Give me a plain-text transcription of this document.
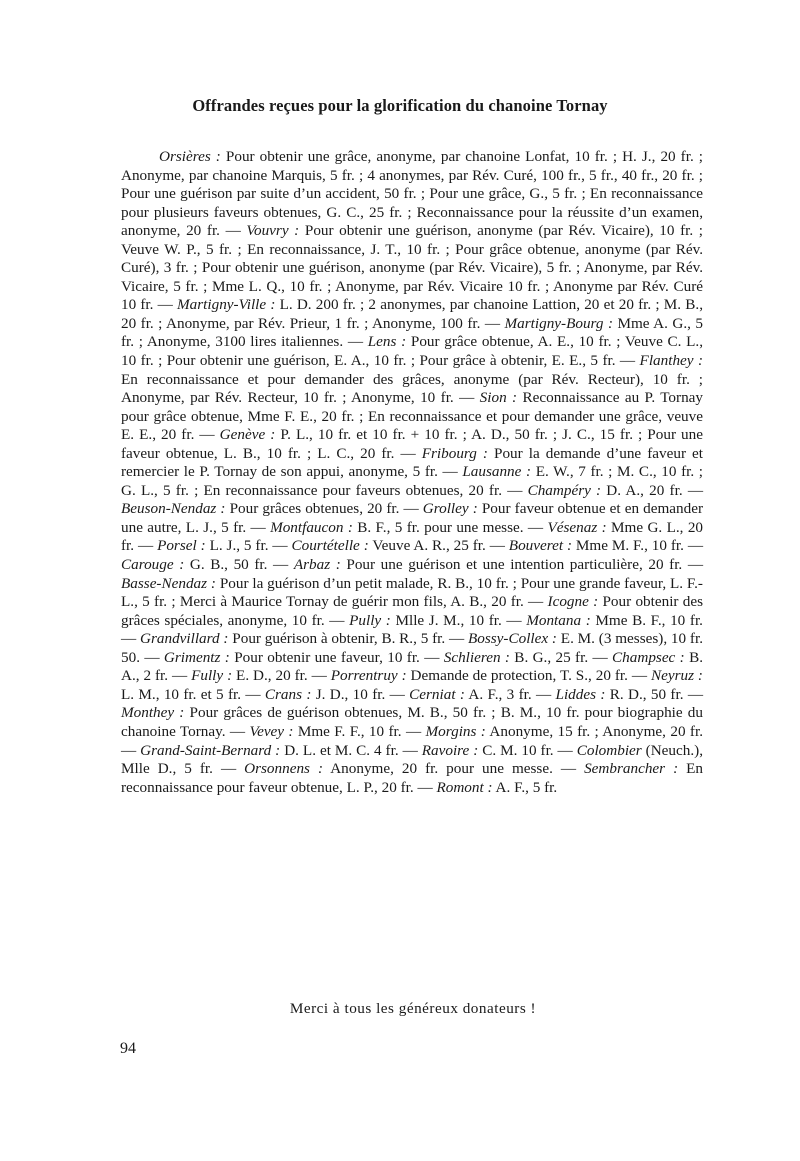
Offrandes reçues pour la glorification du chanoine Tornay

Orsières : Pour obtenir une grâce, anonyme, par chanoine Lonfat, 10 fr. ; H. J., 20 fr. ; Anonyme, par chanoine Marquis, 5 fr. ; 4 anonymes, par Rév. Curé, 100 fr., 5 fr., 40 fr., 20 fr. ; Pour une guérison par suite d’un accident, 50 fr. ; Pour une grâce, G., 5 fr. ; En reconnaissance pour plusieurs faveurs obtenues, G. C., 25 fr. ; Reconnaissance pour la réussite d’un examen, anonyme, 20 fr. — Vouvry : Pour obtenir une guérison, anonyme (par Rév. Vicaire), 10 fr. ; Veuve W. P., 5 fr. ; En reconnaissance, J. T., 10 fr. ; Pour grâce obtenue, anonyme (par Rév. Curé), 3 fr. ; Pour obtenir une guérison, anonyme (par Rév. Vicaire), 5 fr. ; Anonyme, par Rév. Vicaire, 5 fr. ; Mme L. Q., 10 fr. ; Anonyme, par Rév. Vicaire 10 fr. ; Anonyme par Rév. Curé 10 fr. — Martigny-Ville : L. D. 200 fr. ; 2 anonymes, par chanoine Lattion, 20 et 20 fr. ; M. B., 20 fr. ; Anonyme, par Rév. Prieur, 1 fr. ; Anonyme, 100 fr. — Martigny-Bourg : Mme A. G., 5 fr. ; Anonyme, 3100 lires italiennes. — Lens : Pour grâce obtenue, A. E., 10 fr. ; Veuve C. L., 10 fr. ; Pour obtenir une guérison, E. A., 10 fr. ; Pour grâce à obtenir, E. E., 5 fr. — Flanthey : En reconnaissance et pour demander des grâces, anonyme (par Rév. Recteur), 10 fr. ; Anonyme, par Rév. Recteur, 10 fr. ; Anonyme, 10 fr. — Sion : Reconnaissance au P. Tornay pour grâce obtenue, Mme F. E., 20 fr. ; En reconnaissance et pour demander une grâce, veuve E. E., 20 fr. — Genève : P. L., 10 fr. et 10 fr. + 10 fr. ; A. D., 50 fr. ; J. C., 15 fr. ; Pour une faveur obtenue, L. B., 10 fr. ; L. C., 20 fr. — Fribourg : Pour la demande d’une faveur et remercier le P. Tornay de son appui, anonyme, 5 fr. — Lausanne : E. W., 7 fr. ; M. C., 10 fr. ; G. L., 5 fr. ; En reconnaissance pour faveurs obtenues, 20 fr. — Champéry : D. A., 20 fr. — Beuson-Nendaz : Pour grâces obtenues, 20 fr. — Grolley : Pour faveur obtenue et en demander une autre, L. J., 5 fr. — Montfaucon : B. F., 5 fr. pour une messe. — Vésenaz : Mme G. L., 20 fr. — Porsel : L. J., 5 fr. — Courtételle : Veuve A. R., 25 fr. — Bouveret : Mme M. F., 10 fr. — Carouge : G. B., 50 fr. — Arbaz : Pour une guérison et une intention particulière, 20 fr. — Basse-Nendaz : Pour la guérison d’un petit malade, R. B., 10 fr. ; Pour une grande faveur, L. F.-L., 5 fr. ; Merci à Maurice Tornay de guérir mon fils, A. B., 20 fr. — Icogne : Pour obtenir des grâces spéciales, anonyme, 10 fr. — Pully : Mlle J. M., 10 fr. — Montana : Mme B. F., 10 fr. — Grandvillard : Pour guérison à obtenir, B. R., 5 fr. — Bossy-Collex : E. M. (3 messes), 10 fr. 50. — Grimentz : Pour obtenir une faveur, 10 fr. — Schlieren : B. G., 25 fr. — Champsec : B. A., 2 fr. — Fully : E. D., 20 fr. — Porrentruy : Demande de protection, T. S., 20 fr. — Neyruz : L. M., 10 fr. et 5 fr. — Crans : J. D., 10 fr. — Cerniat : A. F., 3 fr. — Liddes : R. D., 50 fr. — Monthey : Pour grâces de guérison obtenues, M. B., 50 fr. ; B. M., 10 fr. pour biographie du chanoine Tornay. — Vevey : Mme F. F., 10 fr. — Morgins : Anonyme, 15 fr. ; Anonyme, 20 fr. — Grand-Saint-Bernard : D. L. et M. C. 4 fr. — Ravoire : C. M. 10 fr. — Colombier (Neuch.), Mlle D., 5 fr. — Orsonnens : Anonyme, 20 fr. pour une messe. — Sembrancher : En reconnaissance pour faveur obtenue, L. P., 20 fr. — Romont : A. F., 5 fr.

Merci à tous les généreux donateurs !

94
